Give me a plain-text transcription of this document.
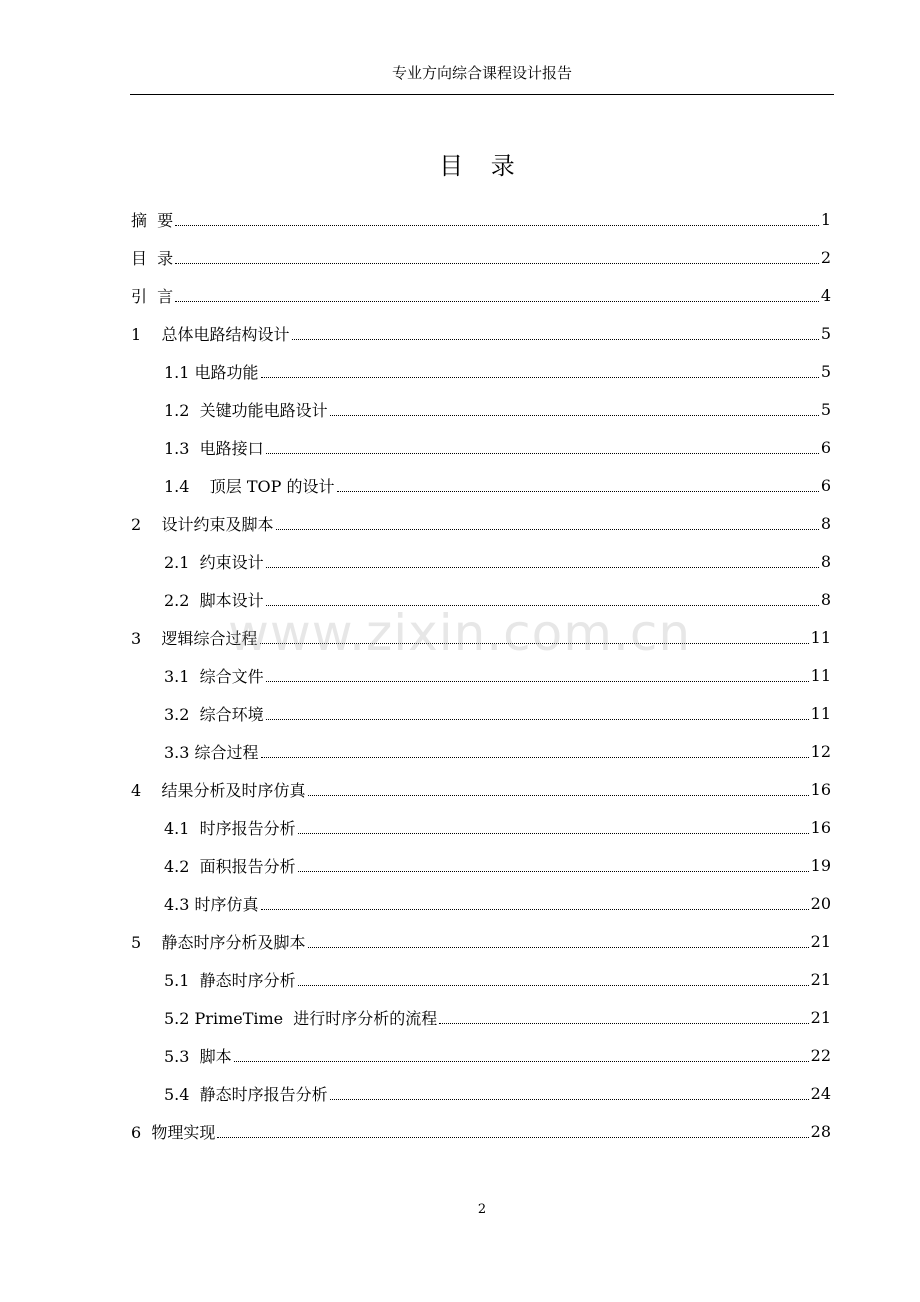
专业方向综合课程设计报告
目 录
摘  要	1
目  录	2
引  言	4
1    总体电路结构设计	5
1.1 电路功能	5
1.2  关键功能电路设计	5
1.3  电路接口	6
1.4    顶层 TOP 的设计	6
2    设计约束及脚本	8
2.1  约束设计	8
2.2  脚本设计	8
3    逻辑综合过程	11
3.1  综合文件	11
3.2  综合环境	11
3.3 综合过程	12
4    结果分析及时序仿真	16
4.1  时序报告分析	16
4.2  面积报告分析	19
4.3 时序仿真	20
5    静态时序分析及脚本	21
5.1  静态时序分析	21
5.2 PrimeTime  进行时序分析的流程	21
5.3  脚本	22
5.4  静态时序报告分析	24
6  物理实现	28
www.zixin.com.cn
2
